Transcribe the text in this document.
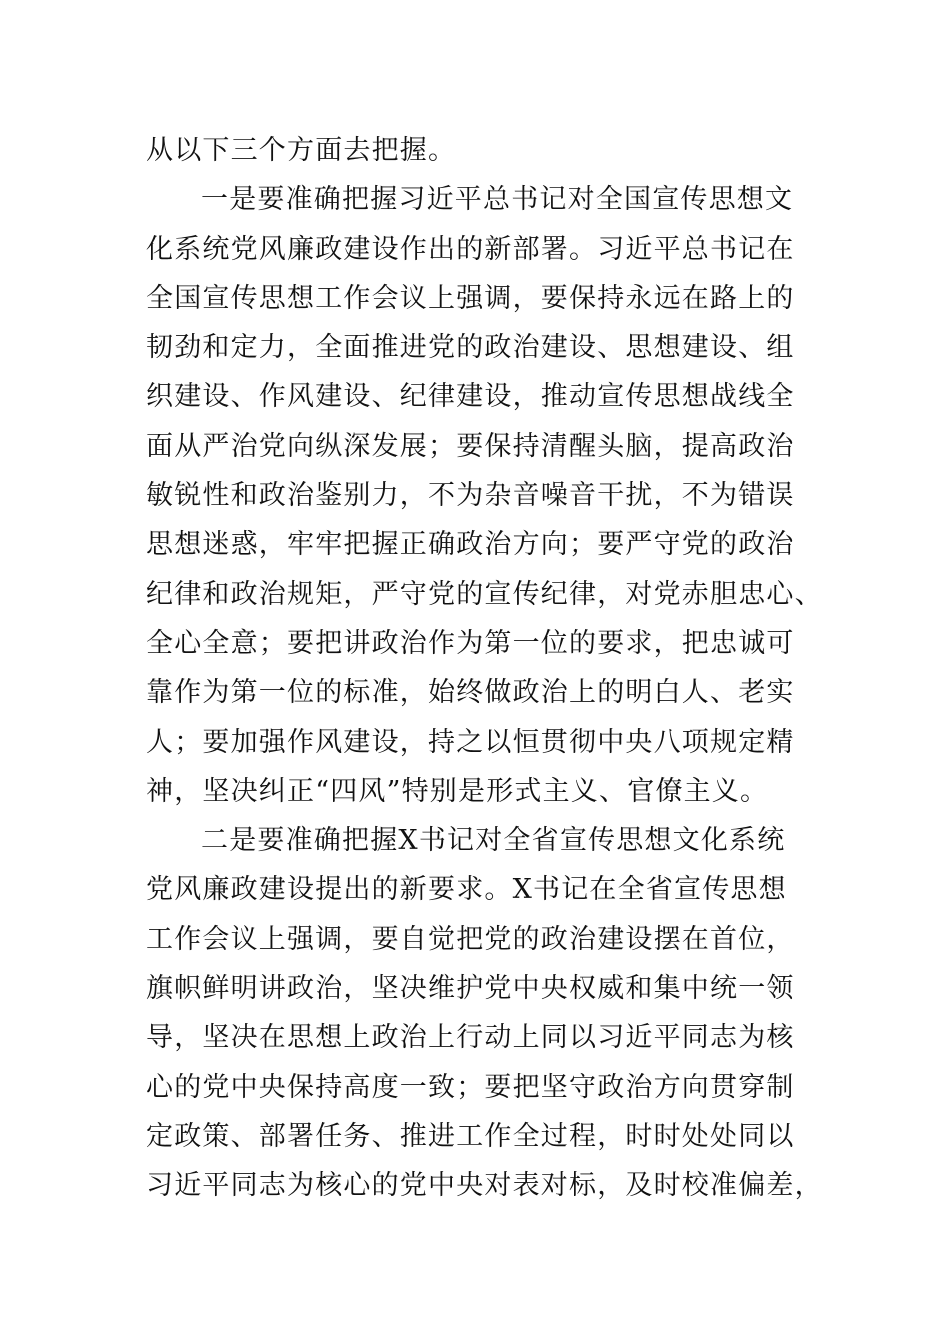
从以下三个方面去把握。
一是要准确把握习近平总书记对全国宣传思想文
化系统党风廉政建设作出的新部署。习近平总书记在
全国宣传思想工作会议上强调，要保持永远在路上的
韧劲和定力，全面推进党的政治建设、思想建设、组
织建设、作风建设、纪律建设，推动宣传思想战线全
面从严治党向纵深发展；要保持清醒头脑，提高政治
敏锐性和政治鉴别力，不为杂音噪音干扰，不为错误
思想迷惑，牢牢把握正确政治方向；要严守党的政治
纪律和政治规矩，严守党的宣传纪律，对党赤胆忠心、
全心全意；要把讲政治作为第一位的要求，把忠诚可
靠作为第一位的标准，始终做政治上的明白人、老实
人；要加强作风建设，持之以恒贯彻中央八项规定精
神，坚决纠正“四风”特别是形式主义、官僚主义。
二是要准确把握X书记对全省宣传思想文化系统
党风廉政建设提出的新要求。X书记在全省宣传思想
工作会议上强调，要自觉把党的政治建设摆在首位，
旗帜鲜明讲政治，坚决维护党中央权威和集中统一领
导，坚决在思想上政治上行动上同以习近平同志为核
心的党中央保持高度一致；要把坚守政治方向贯穿制
定政策、部署任务、推进工作全过程，时时处处同以
习近平同志为核心的党中央对表对标，及时校准偏差，
